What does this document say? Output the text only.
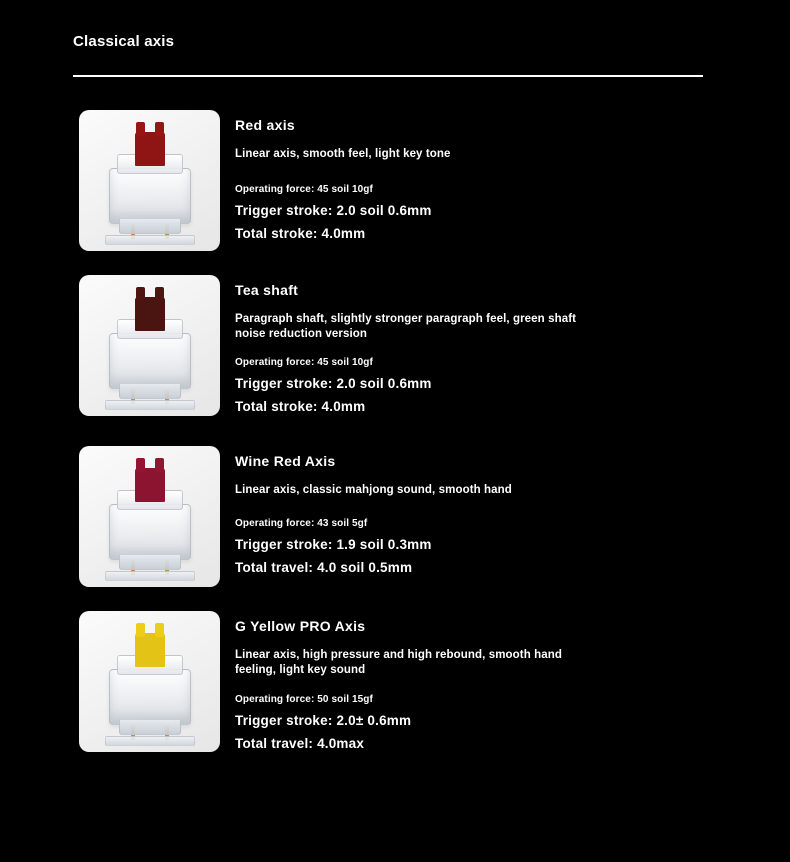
Classical axis
Red axis
Linear axis, smooth feel, light key tone
Operating force: 45 soil 10gf
Trigger stroke: 2.0 soil 0.6mm
Total stroke: 4.0mm
Tea shaft
Paragraph shaft, slightly stronger paragraph feel, green shaft noise reduction version
Operating force: 45 soil 10gf
Trigger stroke: 2.0 soil 0.6mm
Total stroke: 4.0mm
Wine Red Axis
Linear axis, classic mahjong sound, smooth hand
Operating force: 43 soil 5gf
Trigger stroke: 1.9 soil 0.3mm
Total travel: 4.0 soil 0.5mm
G Yellow PRO Axis
Linear axis, high pressure and high rebound, smooth hand feeling, light key sound
Operating force: 50 soil 15gf
Trigger stroke: 2.0± 0.6mm
Total travel: 4.0max
